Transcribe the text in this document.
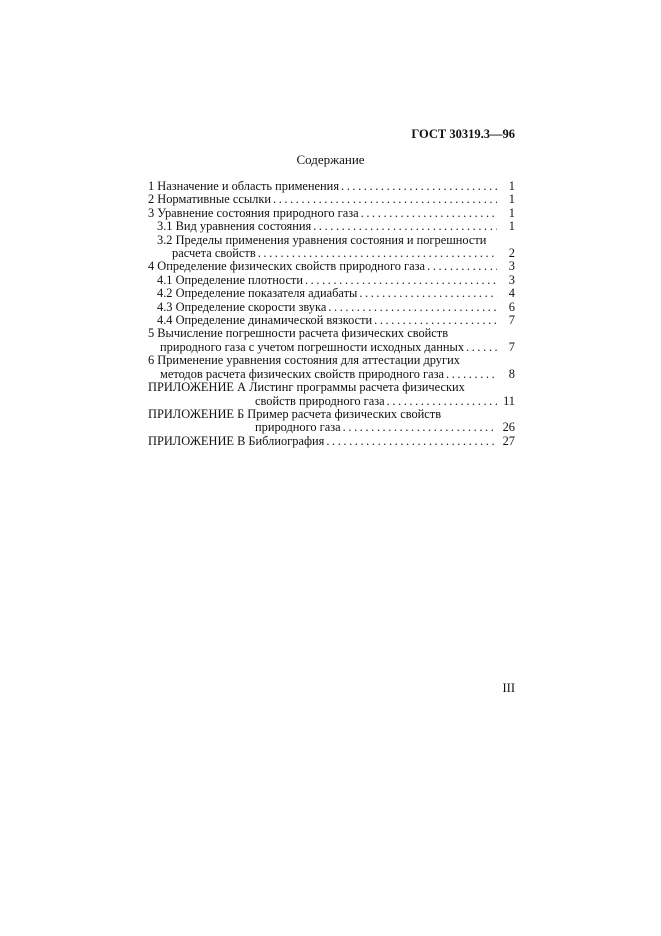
ГОСТ 30319.3—96
Содержание
1 Назначение и область применения . . .	1
2 Нормативные ссылки . . .	1
3 Уравнение состояния природного газа . . .	1
3.1 Вид уравнения состояния . . .	1
3.2 Пределы применения уравнения состояния и погрешности
расчета свойств . . .	2
4 Определение физических свойств природного газа . . .	3
4.1 Определение плотности . . .	3
4.2 Определение показателя адиабаты . . .	4
4.3 Определение скорости звука . . .	6
4.4 Определение динамической вязкости . . .	7
5 Вычисление погрешности расчета физических свойств
природного газа с учетом погрешности исходных данных . . .	7
6 Применение уравнения состояния для аттестации других
методов расчета физических свойств природного газа . . .	8
ПРИЛОЖЕНИЕ А Листинг программы расчета физических
свойств природного газа . . .	11
ПРИЛОЖЕНИЕ Б Пример расчета физических свойств
природного газа . . .	26
ПРИЛОЖЕНИЕ В Библиография . . .	27
III
